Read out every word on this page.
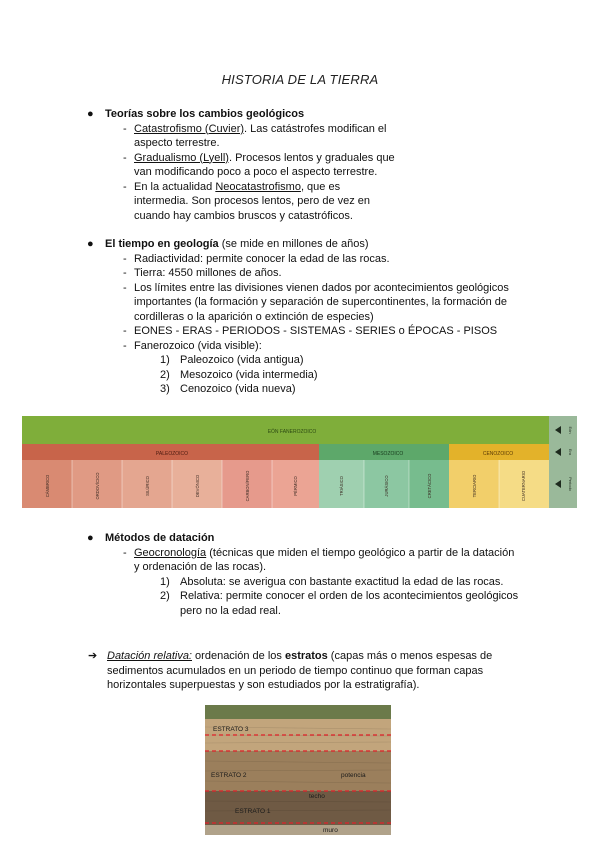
HISTORIA DE LA TIERRA
● Teorías sobre los cambios geológicos
- Catastrofismo (Cuvier). Las catástrofes modifican el
aspecto terrestre.
- Gradualismo (Lyell). Procesos lentos y graduales que
van modificando poco a poco el aspecto terrestre.
- En la actualidad Neocatastrofismo, que es
intermedia. Son procesos lentos, pero de vez en
cuando hay cambios bruscos y catastróficos.
● El tiempo en geología (se mide en millones de años)
- Radiactividad: permite conocer la edad de las rocas.
- Tierra: 4550 millones de años.
- Los límites entre las divisiones vienen dados por acontecimientos geológicos
importantes (la formación y separación de supercontinentes, la formación de
cordilleras o la aparición o extinción de especies)
- EONES - ERAS - PERIODOS - SISTEMAS - SERIES o ÉPOCAS - PISOS
- Fanerozoico (vida visible):
1) Paleozoico (vida antigua)
2) Mesozoico (vida intermedia)
3) Cenozoico (vida nueva)
EÓN FANEROZOICO
PALEOZOICO	MESOZOICO	CENOZOICO
CÁMBRICO	ORDOVÍCICO	SILÚRICO	DEVÓNICO	CARBONÍFERO	PÉRMICO	TRIÁSICO	JURÁSICO	CRETÁCICO	TERCIARIO	CUATERNARIO
Eón
Era
Periodo
● Métodos de datación
- Geocronología (técnicas que miden el tiempo geológico a partir de la datación
y ordenación de las rocas).
1) Absoluta: se averigua con bastante exactitud la edad de las rocas.
2) Relativa: permite conocer el orden de los acontecimientos geológicos
pero no la edad real.
➔ Datación relativa: ordenación de los estratos (capas más o menos espesas de
sedimentos acumulados en un periodo de tiempo continuo que forman capas
horizontales superpuestas y son estudiados por la estratigrafía).
ESTRATO 3
ESTRATO 2	potencia
techo
ESTRATO 1
muro
